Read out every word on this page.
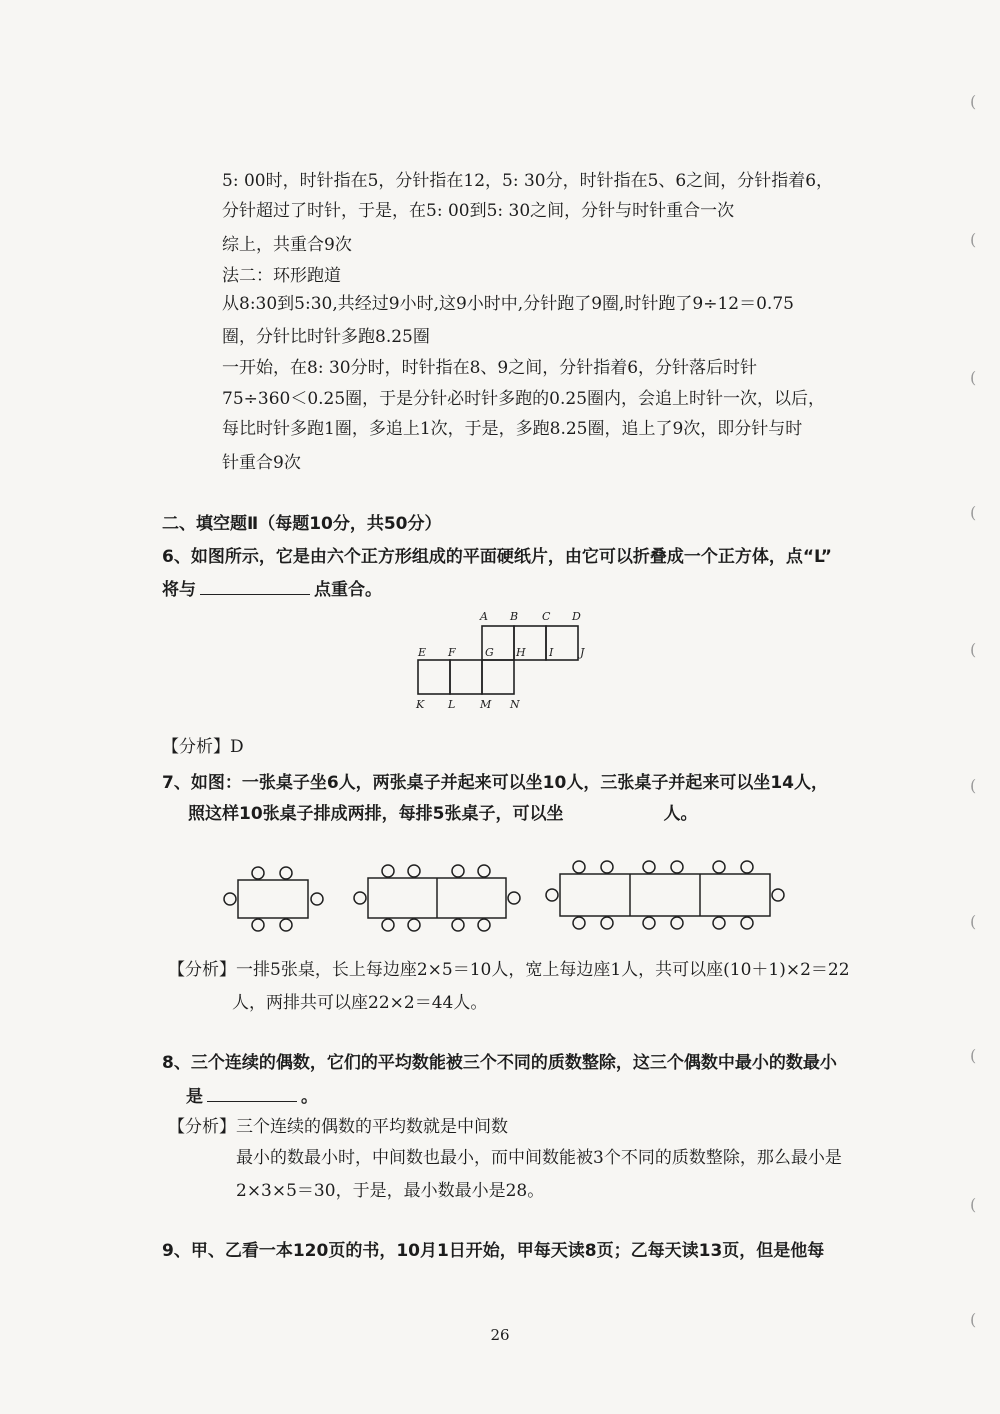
5: 00时，时针指在5，分针指在12，5: 30分，时针指在5、6之间，分针指着6，
分针超过了时针，于是，在5: 00到5: 30之间，分针与时针重合一次
综上，共重合9次
法二：环形跑道
从8:30到5:30,共经过9小时,这9小时中,分针跑了9圈,时针跑了9÷12＝0.75
圈，分针比时针多跑8.25圈
一开始，在8: 30分时，时针指在8、9之间，分针指着6，分针落后时针
75÷360＜0.25圈，于是分针必时针多跑的0.25圈内，会追上时针一次，以后，
每比时针多跑1圈，多追上1次，于是，多跑8.25圈，追上了9次，即分针与时
针重合9次
二、填空题Ⅱ（每题10分，共50分）
6、如图所示，它是由六个正方形组成的平面硬纸片，由它可以折叠成一个正方体，点“L”
将与	点重合。
A B C D
E F	G H I J
K L M N
【分析】D
7、如图：一张桌子坐6人，两张桌子并起来可以坐10人，三张桌子并起来可以坐14人，
照这样10张桌子排成两排，每排5张桌子，可以坐	人。
【分析】一排5张桌，长上每边座2×5＝10人，宽上每边座1人，共可以座(10＋1)×2＝22
人，两排共可以座22×2＝44人。
8、三个连续的偶数，它们的平均数能被三个不同的质数整除，这三个偶数中最小的数最小
是	。
【分析】三个连续的偶数的平均数就是中间数
最小的数最小时，中间数也最小，而中间数能被3个不同的质数整除，那么最小是
2×3×5＝30，于是，最小数最小是28。
9、甲、乙看一本120页的书，10月1日开始，甲每天读8页；乙每天读13页，但是他每
26
(
(
(
(
(
(
(
(
(
(
